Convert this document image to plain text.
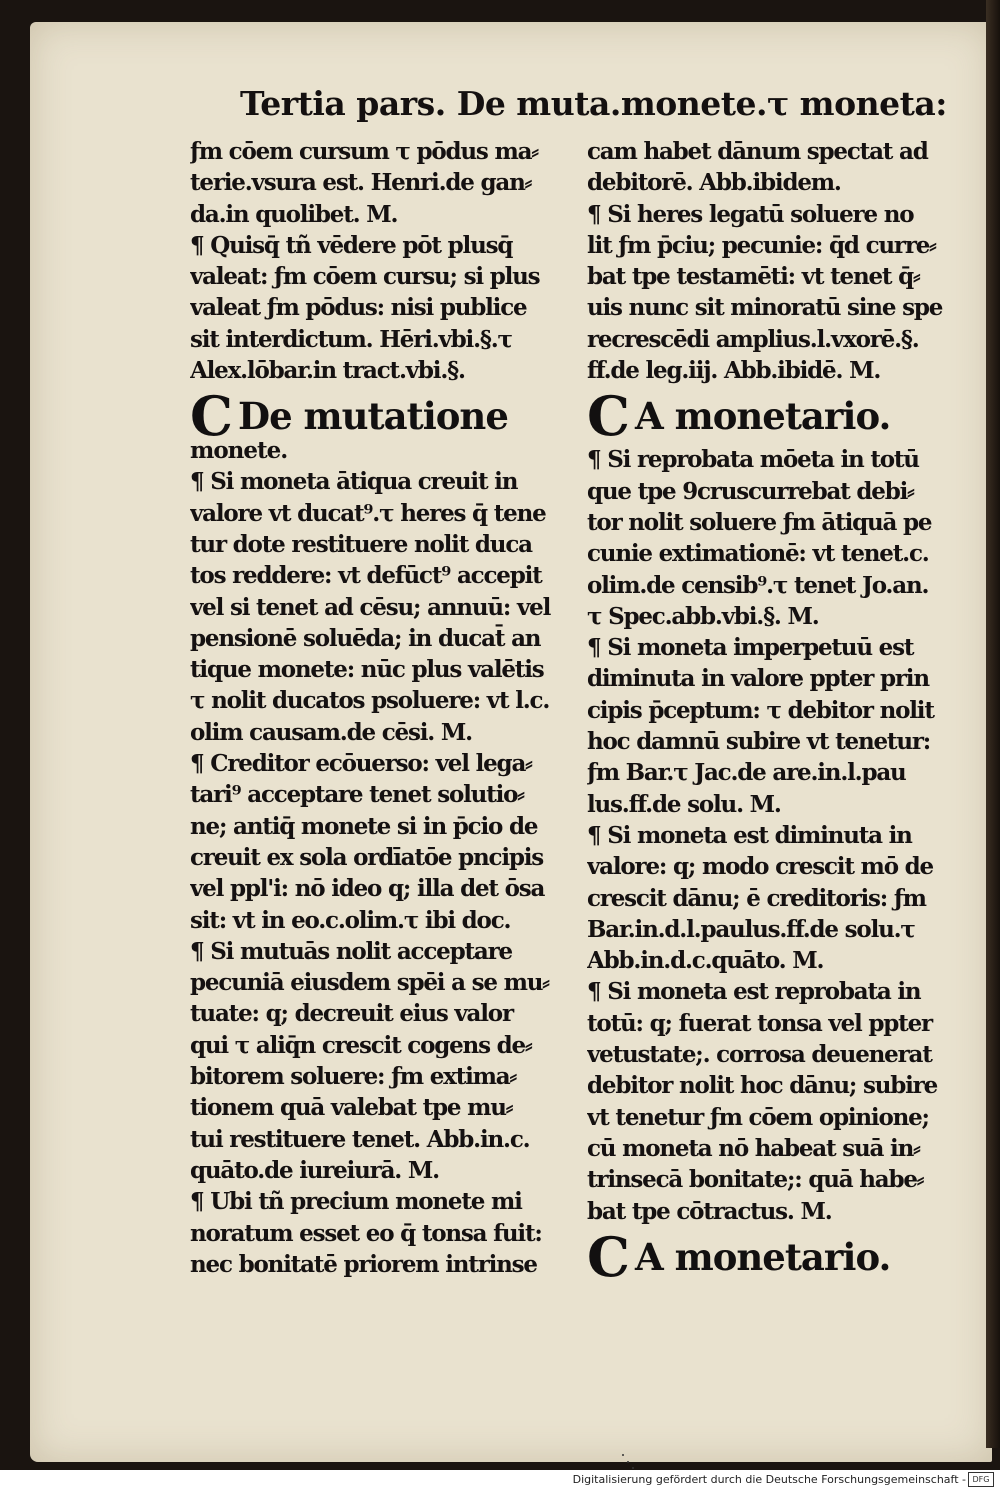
Tertia pars. De muta.monete.τ moneta:
ƒm cōem cursum τ pōdus ma⸗
terie.vsura est. Henri.de gan⸗
da.in quolibet. M.
¶ Quisq̄ tñ vēdere pōt plusq̄
valeat: ƒm cōem cursu; si plus
valeat ƒm pōdus: nisi publice
sit interdictum. Hēri.vbi.§.τ
Alex.lōbar.in tract.vbi.§.
C De mutatione
monete.
¶ Si moneta ātiqua creuit in
valore vt ducat⁹.τ heres q̄ tene
tur dote restituere nolit duca
tos reddere: vt defūct⁹ accepit
vel si tenet ad cēsu; annuū: vel
pensionē soluēda; in ducat̄ an
tique monete: nūc plus valētis
τ nolit ducatos psoluere: vt l.c.
olim causam.de cēsi. M.
¶ Creditor ecōuerso: vel lega⸗
tari⁹ acceptare tenet solutio⸗
ne; antiq̄ monete si in p̄cio de
creuit ex sola ordīatōe pncipis
vel ppl'i: nō ideo q; illa det ōsa
sit: vt in eo.c.olim.τ ibi doc.
¶ Si mutuās nolit acceptare
pecuniā eiusdem spēi a se mu⸗
tuate: q; decreuit eius valor
qui τ aliq̄n crescit cogens de⸗
bitorem soluere: ƒm extima⸗
tionem quā valebat tpe mu⸗
tui restituere tenet. Abb.in.c.
quāto.de iureiurā. M.
¶ Ubi tñ precium monete mi
noratum esset eo q̄ tonsa fuit:
nec bonitatē priorem intrinse
cam habet dānum spectat ad
debitorē. Abb.ibidem.
¶ Si heres legatū soluere no
lit ƒm p̄ciu; pecunie: q̄d curre⸗
bat tpe testamēti: vt tenet q̄⸗
uis nunc sit minoratū sine spe
recrescēdi amplius.l.vxorē.§.
ff.de leg.iij. Abb.ibidē. M.
C A monetario.
¶ Si reprobata mōeta in totū
que tpe 9cruscurrebat debi⸗
tor nolit soluere ƒm ātiquā pe
cunie extimationē: vt tenet.c.
olim.de censib⁹.τ tenet Jo.an.
τ Spec.abb.vbi.§. M.
¶ Si moneta imperpetuū est
diminuta in valore ppter prin
cipis p̄ceptum: τ debitor nolit
hoc damnū subire vt tenetur:
ƒm Bar.τ Jac.de are.in.l.pau
lus.ff.de solu. M.
¶ Si moneta est diminuta in
valore: q; modo crescit mō de
crescit dānu; ē creditoris: ƒm
Bar.in.d.l.paulus.ff.de solu.τ
Abb.in.d.c.quāto. M.
¶ Si moneta est reprobata in
totū: q; fuerat tonsa vel ppter
vetustate;. corrosa deuenerat
debitor nolit hoc dānu; subire
vt tenetur ƒm cōem opinione;
cū moneta nō habeat suā in⸗
trinsecā bonitate;: quā habe⸗
bat tpe cōtractus. M.
C A monetario.
Digitalisierung gefördert durch die Deutsche Forschungsgemeinschaft - DFG
